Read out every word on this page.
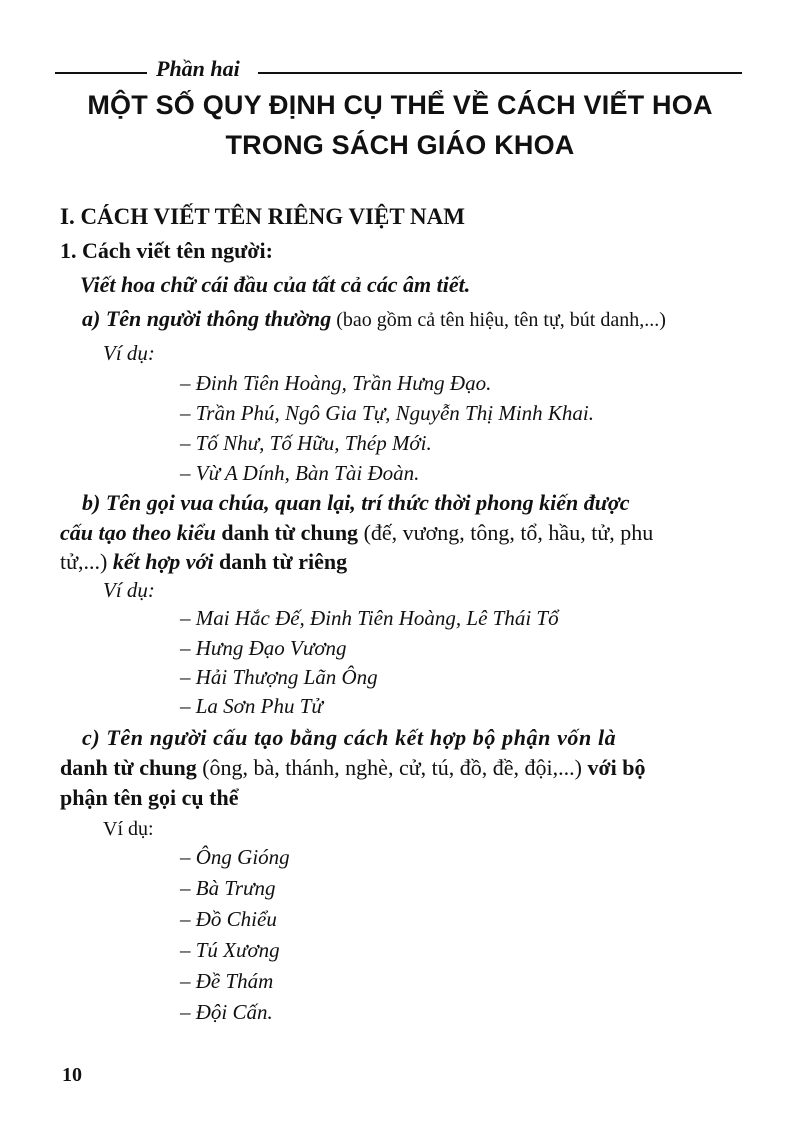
Phần hai
MỘT SỐ QUY ĐỊNH CỤ THỂ VỀ CÁCH VIẾT HOA
TRONG SÁCH GIÁO KHOA
I. CÁCH VIẾT TÊN RIÊNG VIỆT NAM
1. Cách viết tên người:
Viết hoa chữ cái đầu của tất cả các âm tiết.
a) Tên người thông thường (bao gồm cả tên hiệu, tên tự, bút danh,...)
Ví dụ:
– Đinh Tiên Hoàng, Trần Hưng Đạo.
– Trần Phú, Ngô Gia Tự, Nguyễn Thị Minh Khai.
– Tố Như, Tố Hữu, Thép Mới.
– Vừ A Dính, Bàn Tài Đoàn.
b) Tên gọi vua chúa, quan lại, trí thức thời phong kiến được
cấu tạo theo kiểu danh từ chung (đế, vương, tông, tổ, hầu, tử, phu
tử,...) kết hợp với danh từ riêng
Ví dụ:
– Mai Hắc Đế, Đinh Tiên Hoàng, Lê Thái Tổ
– Hưng Đạo Vương
– Hải Thượng Lãn Ông
– La Sơn Phu Tử
c) Tên người cấu tạo bằng cách kết hợp bộ phận vốn là
danh từ chung (ông, bà, thánh, nghè, cử, tú, đồ, đề, đội,...) với bộ
phận tên gọi cụ thể
Ví dụ:
– Ông Gióng
– Bà Trưng
– Đồ Chiểu
– Tú Xương
– Đề Thám
– Đội Cấn.
10
